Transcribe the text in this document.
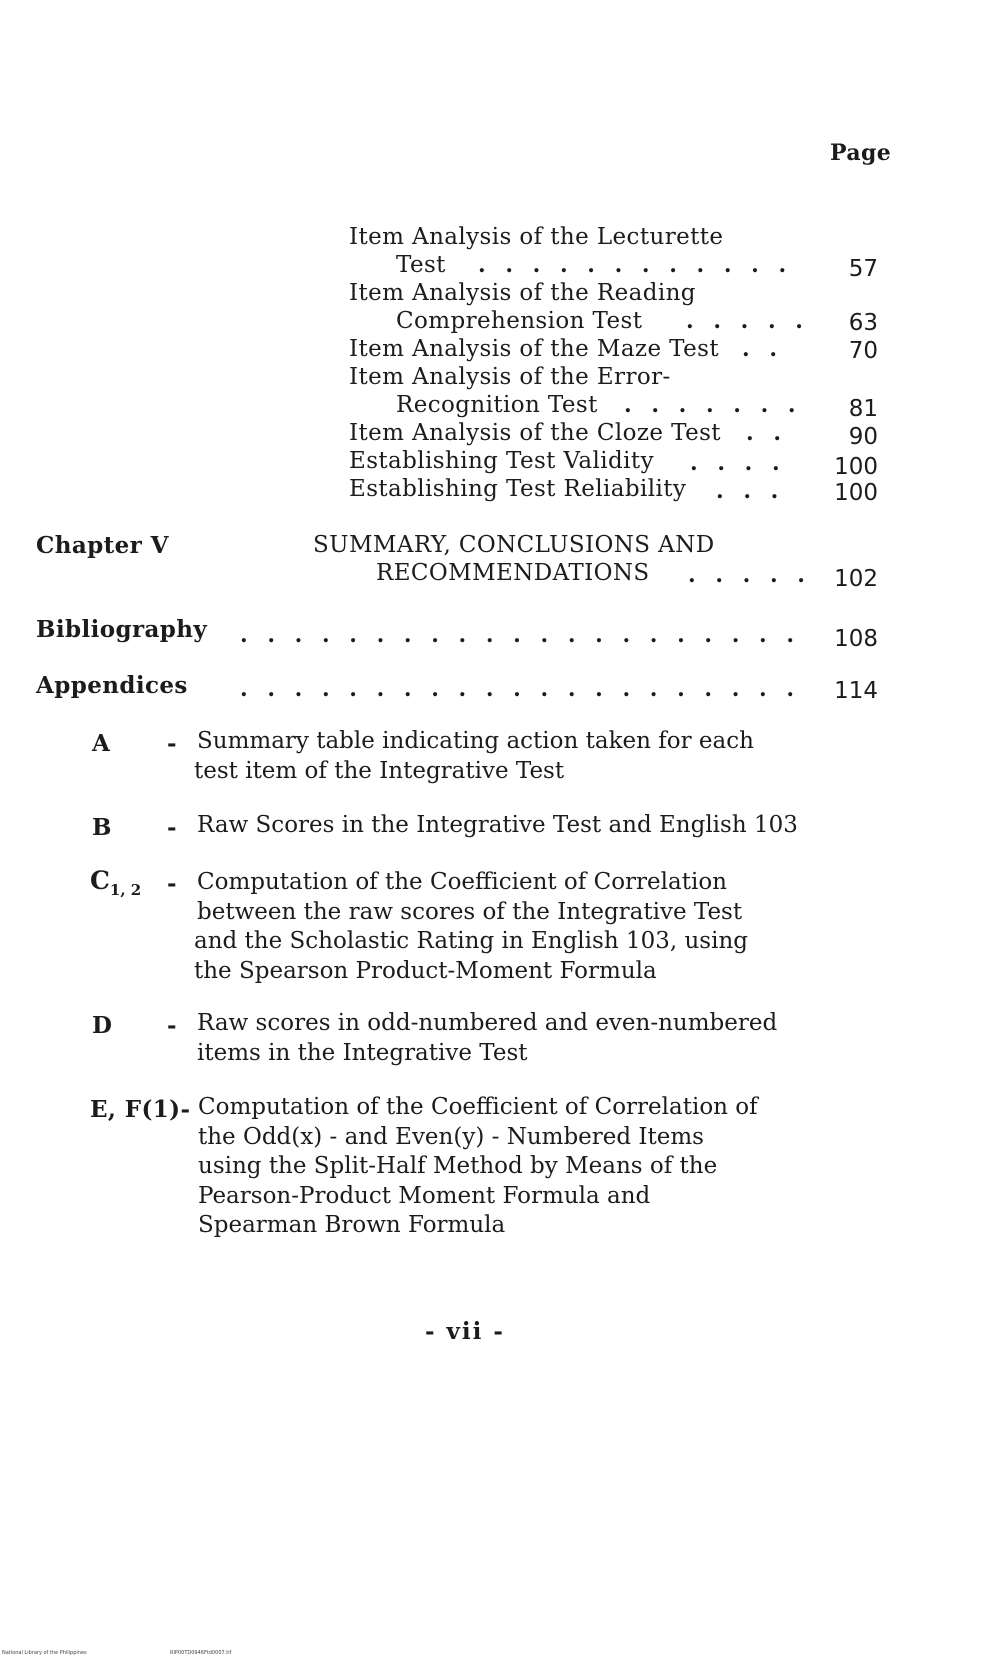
Page
Item Analysis of the Lecturette
Test . . . . . . . . . . . .	57
Item Analysis of the Reading
Comprehension Test . . . . .	63
Item Analysis of the Maze Test . .	70
Item Analysis of the Error-
Recognition Test . . . . . . .	81
Item Analysis of the Cloze Test . .	90
Establishing Test Validity . . . .	100
Establishing Test Reliability . . .	100
Chapter V	SUMMARY, CONCLUSIONS AND
RECOMMENDATIONS . . . . .	102
Bibliography . . . . . . . . . . . . . . . . . . . . .	108
Appendices . . . . . . . . . . . . . . . . . . . . .	114
A - Summary table indicating action taken for each
test item of the Integrative Test
B - Raw Scores in the Integrative Test and English 103
$C_{1, 2}$ - Computation of the Coefficient of Correlation
between the raw scores of the Integrative Test
and the Scholastic Rating in English 103, using
the Spearson Product-Moment Formula
D - Raw scores in odd-numbered and even-numbered
items in the Integrative Test
E, F(1)- Computation of the Coefficient of Correlation of
the Odd(x) - and Even(y) - Numbered Items
using the Split-Half Method by Means of the
Pearson-Product Moment Formula and
Spearman Brown Formula
- vii -
National Library of the Philippines	RIP00TD0946Ftd0007.tif
